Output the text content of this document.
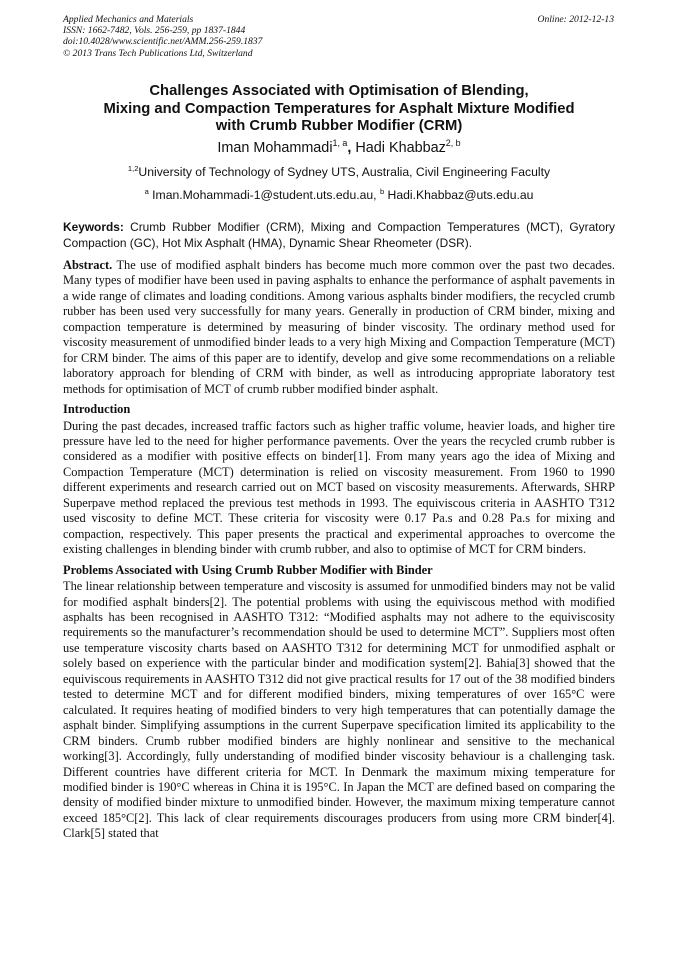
Applied Mechanics and Materials
ISSN: 1662-7482, Vols. 256-259, pp 1837-1844
doi:10.4028/www.scientific.net/AMM.256-259.1837
© 2013 Trans Tech Publications Ltd, Switzerland
Online: 2012-12-13
Challenges Associated with Optimisation of Blending,
Mixing and Compaction Temperatures for Asphalt Mixture Modified
with Crumb Rubber Modifier (CRM)
Iman Mohammadi$^{1, a}$, Hadi Khabbaz$^{2, b}$
$^{1,2}$University of Technology of Sydney UTS, Australia, Civil Engineering Faculty
$^a$ Iman.Mohammadi-1@student.uts.edu.au, $^b$ Hadi.Khabbaz@uts.edu.au
Keywords: Crumb Rubber Modifier (CRM), Mixing and Compaction Temperatures (MCT), Gyratory Compaction (GC), Hot Mix Asphalt (HMA), Dynamic Shear Rheometer (DSR).

Abstract. The use of modified asphalt binders has become much more common over the past two decades. Many types of modifier have been used in paving asphalts to enhance the performance of asphalt pavements in a wide range of climates and loading conditions. Among various asphalts binder modifiers, the recycled crumb rubber has been used very successfully for many years. Generally in production of CRM binder, mixing and compaction temperature is determined by measuring of binder viscosity. The ordinary method used for viscosity measurement of unmodified binder leads to a very high Mixing and Compaction Temperature (MCT) for CRM binder. The aims of this paper are to identify, develop and give some recommendations on a reliable laboratory approach for blending of CRM with binder, as well as introducing appropriate laboratory test methods for optimisation of MCT of crumb rubber modified binder asphalt.

Introduction

During the past decades, increased traffic factors such as higher traffic volume, heavier loads, and higher tire pressure have led to the need for higher performance pavements. Over the years the recycled crumb rubber is considered as a modifier with positive effects on binder[1]. From many years ago the idea of Mixing and Compaction Temperature (MCT) determination is relied on viscosity measurement. From 1960 to 1990 different experiments and research carried out on MCT based on viscosity measurements. Afterwards, SHRP Superpave method replaced the previous test methods in 1993. The equiviscous criteria in AASHTO T312 used viscosity to define MCT. These criteria for viscosity were 0.17 Pa.s and 0.28 Pa.s for mixing and compaction, respectively. This paper presents the practical and experimental approaches to overcome the existing challenges in blending binder with crumb rubber, and also to optimise of MCT for CRM binders.

Problems Associated with Using Crumb Rubber Modifier with Binder

The linear relationship between temperature and viscosity is assumed for unmodified binders may not be valid for modified asphalt binders[2]. The potential problems with using the equiviscous method with modified asphalts has been recognised in AASHTO T312: “Modified asphalts may not adhere to the equiviscosity requirements so the manufacturer’s recommendation should be used to determine MCT”. Suppliers most often use temperature viscosity charts based on AASHTO T312 for determining MCT for unmodified asphalt or solely based on experience with the particular binder and modification system[2]. Bahia[3] showed that the equiviscous requirements in AASHTO T312 did not give practical results for 17 out of the 38 modified binders tested to determine MCT and for different modified binders, mixing temperatures of over 165°C were calculated. It requires heating of modified binders to very high temperatures that can potentially damage the asphalt binder. Simplifying assumptions in the current Superpave specification limited its applicability to the CRM binders. Crumb rubber modified binders are highly nonlinear and sensitive to the mechanical working[3]. Accordingly, fully understanding of modified binder viscosity behaviour is a challenging task. Different countries have different criteria for MCT. In Denmark the maximum mixing temperature for modified binder is 190°C whereas in China it is 195°C. In Japan the MCT are defined based on comparing the density of modified binder mixture to unmodified binder. However, the maximum mixing temperature cannot exceed 185°C[2]. This lack of clear requirements discourages producers from using more CRM binder[4]. Clark[5] stated that
